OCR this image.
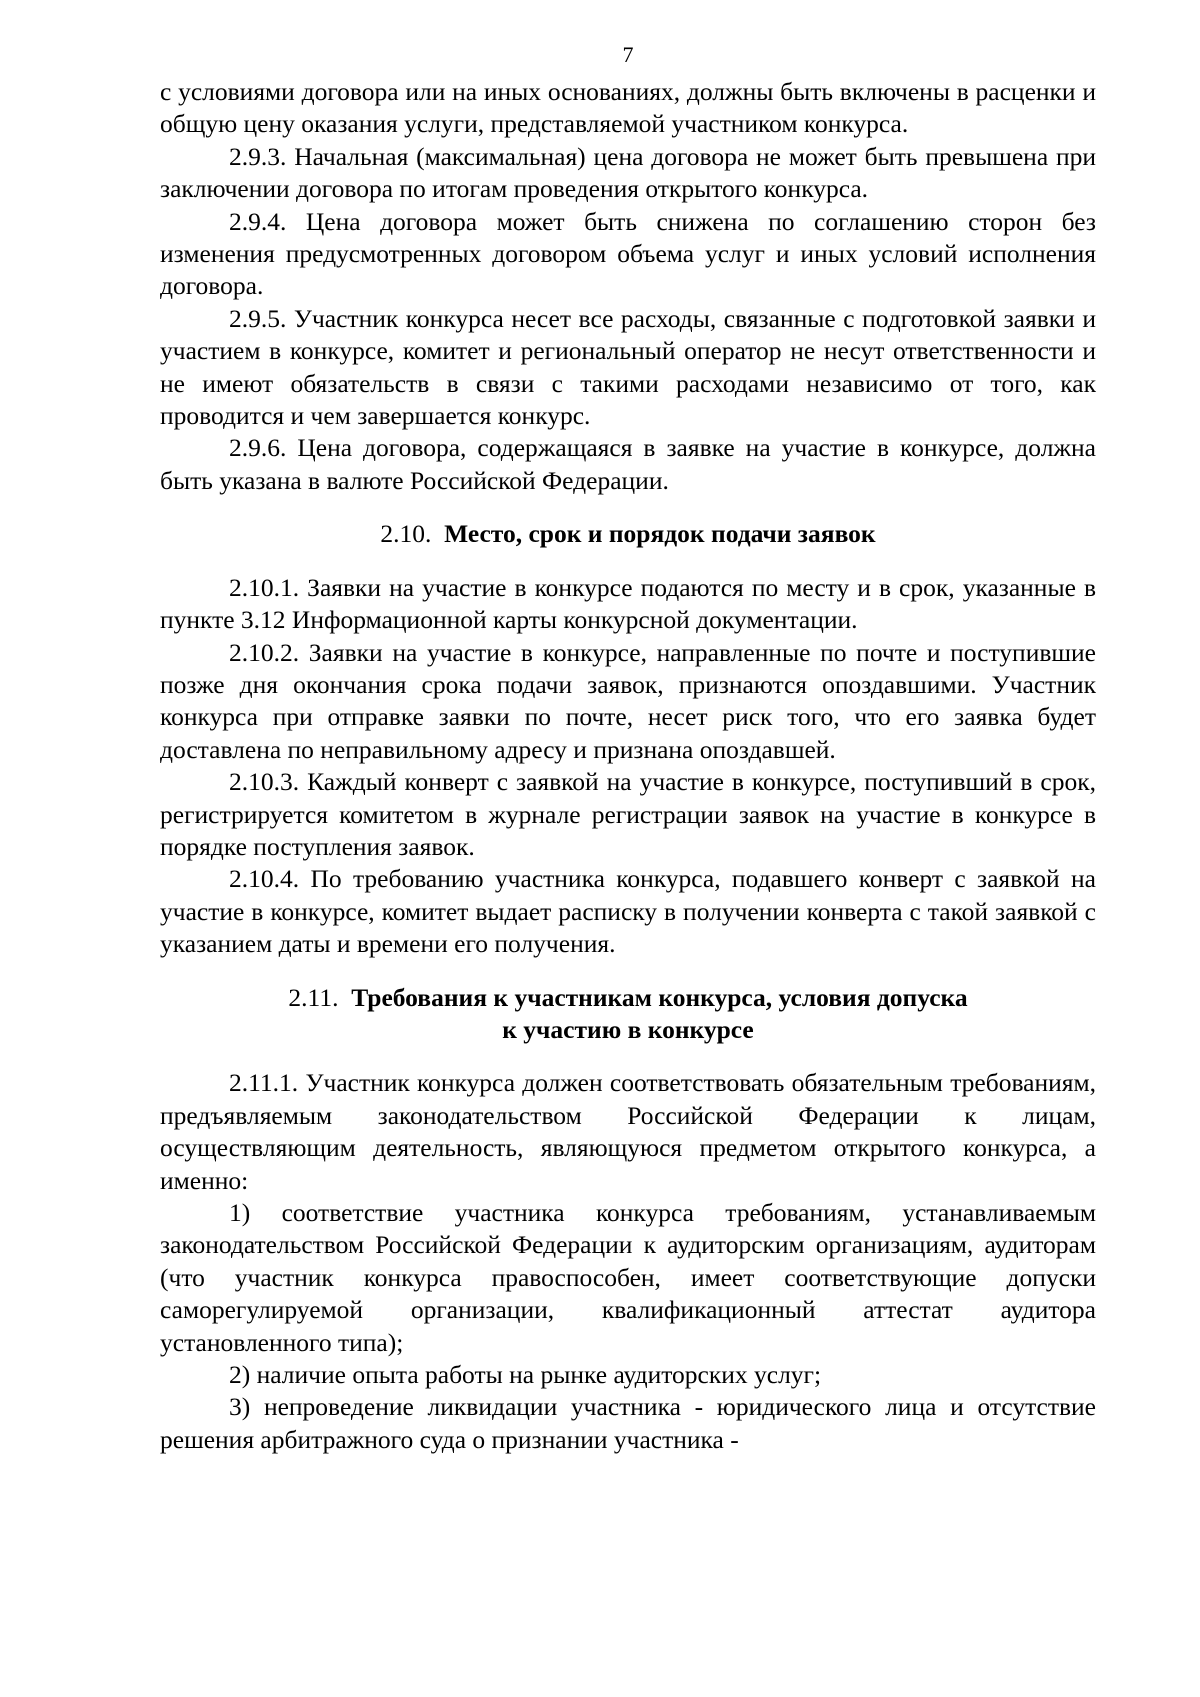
7

с условиями договора или на иных основаниях, должны быть включены в расценки и общую цену оказания услуги, представляемой участником конкурса.

2.9.3. Начальная (максимальная) цена договора не может быть превышена при заключении договора по итогам проведения открытого конкурса.

2.9.4. Цена договора может быть снижена по соглашению сторон без изменения предусмотренных договором объема услуг и иных условий исполнения договора.

2.9.5. Участник конкурса несет все расходы, связанные с подготовкой заявки и участием в конкурсе, комитет и региональный оператор не несут ответственности и не имеют обязательств в связи с такими расходами независимо от того, как проводится и чем завершается конкурс.

2.9.6. Цена договора, содержащаяся в заявке на участие в конкурсе, должна быть указана в валюте Российской Федерации.

2.10. Место, срок и порядок подачи заявок

2.10.1. Заявки на участие в конкурсе подаются по месту и в срок, указанные в пункте 3.12 Информационной карты конкурсной документации.

2.10.2. Заявки на участие в конкурсе, направленные по почте и поступившие позже дня окончания срока подачи заявок, признаются опоздавшими. Участник конкурса при отправке заявки по почте, несет риск того, что его заявка будет доставлена по неправильному адресу и признана опоздавшей.

2.10.3. Каждый конверт с заявкой на участие в конкурсе, поступивший в срок, регистрируется комитетом в журнале регистрации заявок на участие в конкурсе в порядке поступления заявок.

2.10.4. По требованию участника конкурса, подавшего конверт с заявкой на участие в конкурсе, комитет выдает расписку в получении конверта с такой заявкой с указанием даты и времени его получения.

2.11. Требования к участникам конкурса, условия допуска
к участию в конкурсе

2.11.1. Участник конкурса должен соответствовать обязательным требованиям, предъявляемым законодательством Российской Федерации к лицам, осуществляющим деятельность, являющуюся предметом открытого конкурса, а именно:

1) соответствие участника конкурса требованиям, устанавливаемым законодательством Российской Федерации к аудиторским организациям, аудиторам (что участник конкурса правоспособен, имеет соответствующие допуски саморегулируемой организации, квалификационный аттестат аудитора установленного типа);

2) наличие опыта работы на рынке аудиторских услуг;

3) непроведение ликвидации участника - юридического лица и отсутствие решения арбитражного суда о признании участника -
